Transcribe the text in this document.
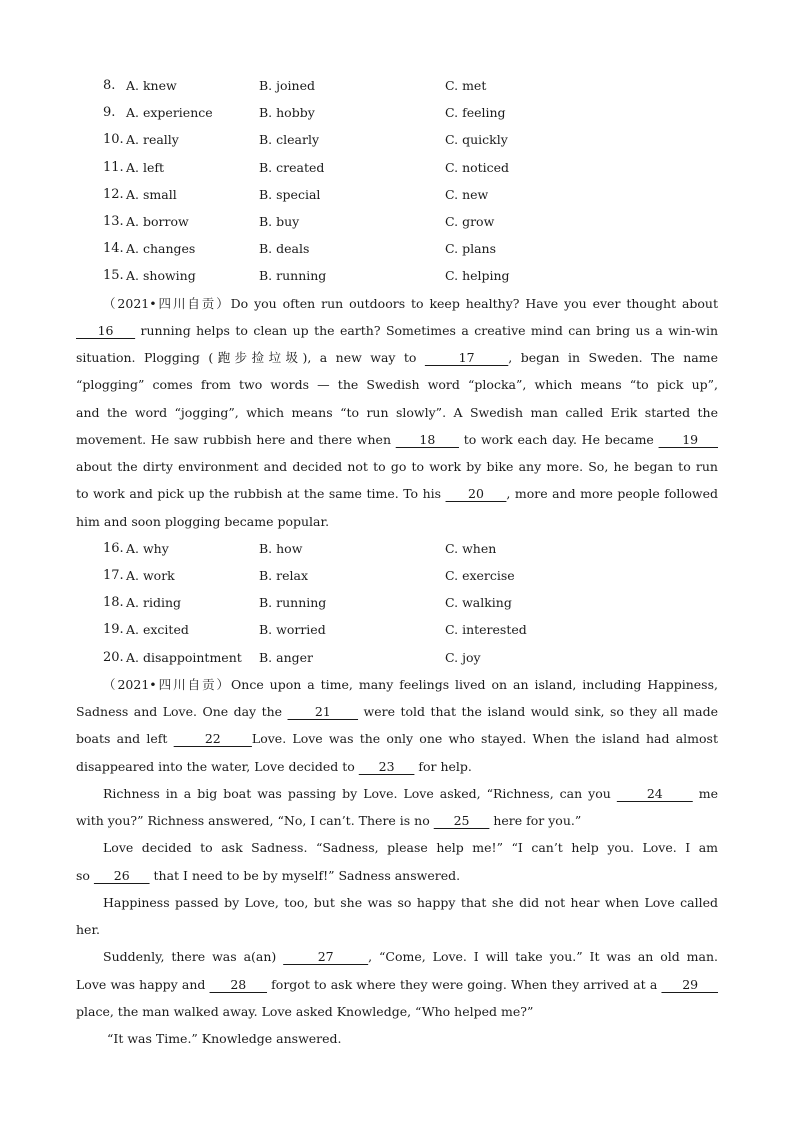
8. A. knew	B. joined	C. met
9. A. experience	B. hobby	C. feeling
10. A. really	B. clearly	C. quickly
11. A. left	B. created	C. noticed
12. A. small	B. special	C. new
13. A. borrow	B. buy	C. grow
14. A. changes	B. deals	C. plans
15. A. showing	B. running	C. helping
（2021•四川自贡）Do you often run outdoors to keep healthy? Have you ever thought about
16     running helps to clean up the earth? Sometimes a creative mind can bring us a win-win
situation. Plogging (跑步捡垃圾), a new way to     17    , began in Sweden. The name
“plogging” comes from two words — the Swedish word “plocka”, which means “to pick up”,
and the word “jogging”, which means “to run slowly”. A Swedish man called Erik started the
movement. He saw rubbish here and there when      18      to work each day. He became      19
about the dirty environment and decided not to go to work by bike any more. So, he began to run
to work and pick up the rubbish at the same time. To his      20     , more and more people followed
him and soon plogging became popular.
16. A. why	B. how	C. when
17. A. work	B. relax	C. exercise
18. A. riding	B. running	C. walking
19. A. excited	B. worried	C. interested
20. A. disappointment B. anger	C. joy
（2021•四川自贡）Once upon a time, many feelings lived on an island, including Happiness,
Sadness and Love. One day the      21      were told that the island would sink, so they all made
boats and left      22     Love. Love was the only one who stayed. When the island had almost
disappeared into the water, Love decided to      23      for help.
Richness in a big boat was passing by Love. Love asked, “Richness, can you      24      me
with you?” Richness answered, “No, I can’t. There is no      25      here for you.”
Love decided to ask Sadness. “Sadness, please help me!” “I can’t help you. Love. I am
so      26      that I need to be by myself!” Sadness answered.
Happiness passed by Love, too, but she was so happy that she did not hear when Love called
her.
Suddenly, there was a(an)      27     , “Come, Love. I will take you.” It was an old man.
Love was happy and      28      forgot to ask where they were going. When they arrived at a      29
place, the man walked away. Love asked Knowledge, “Who helped me?”
“It was Time.” Knowledge answered.
